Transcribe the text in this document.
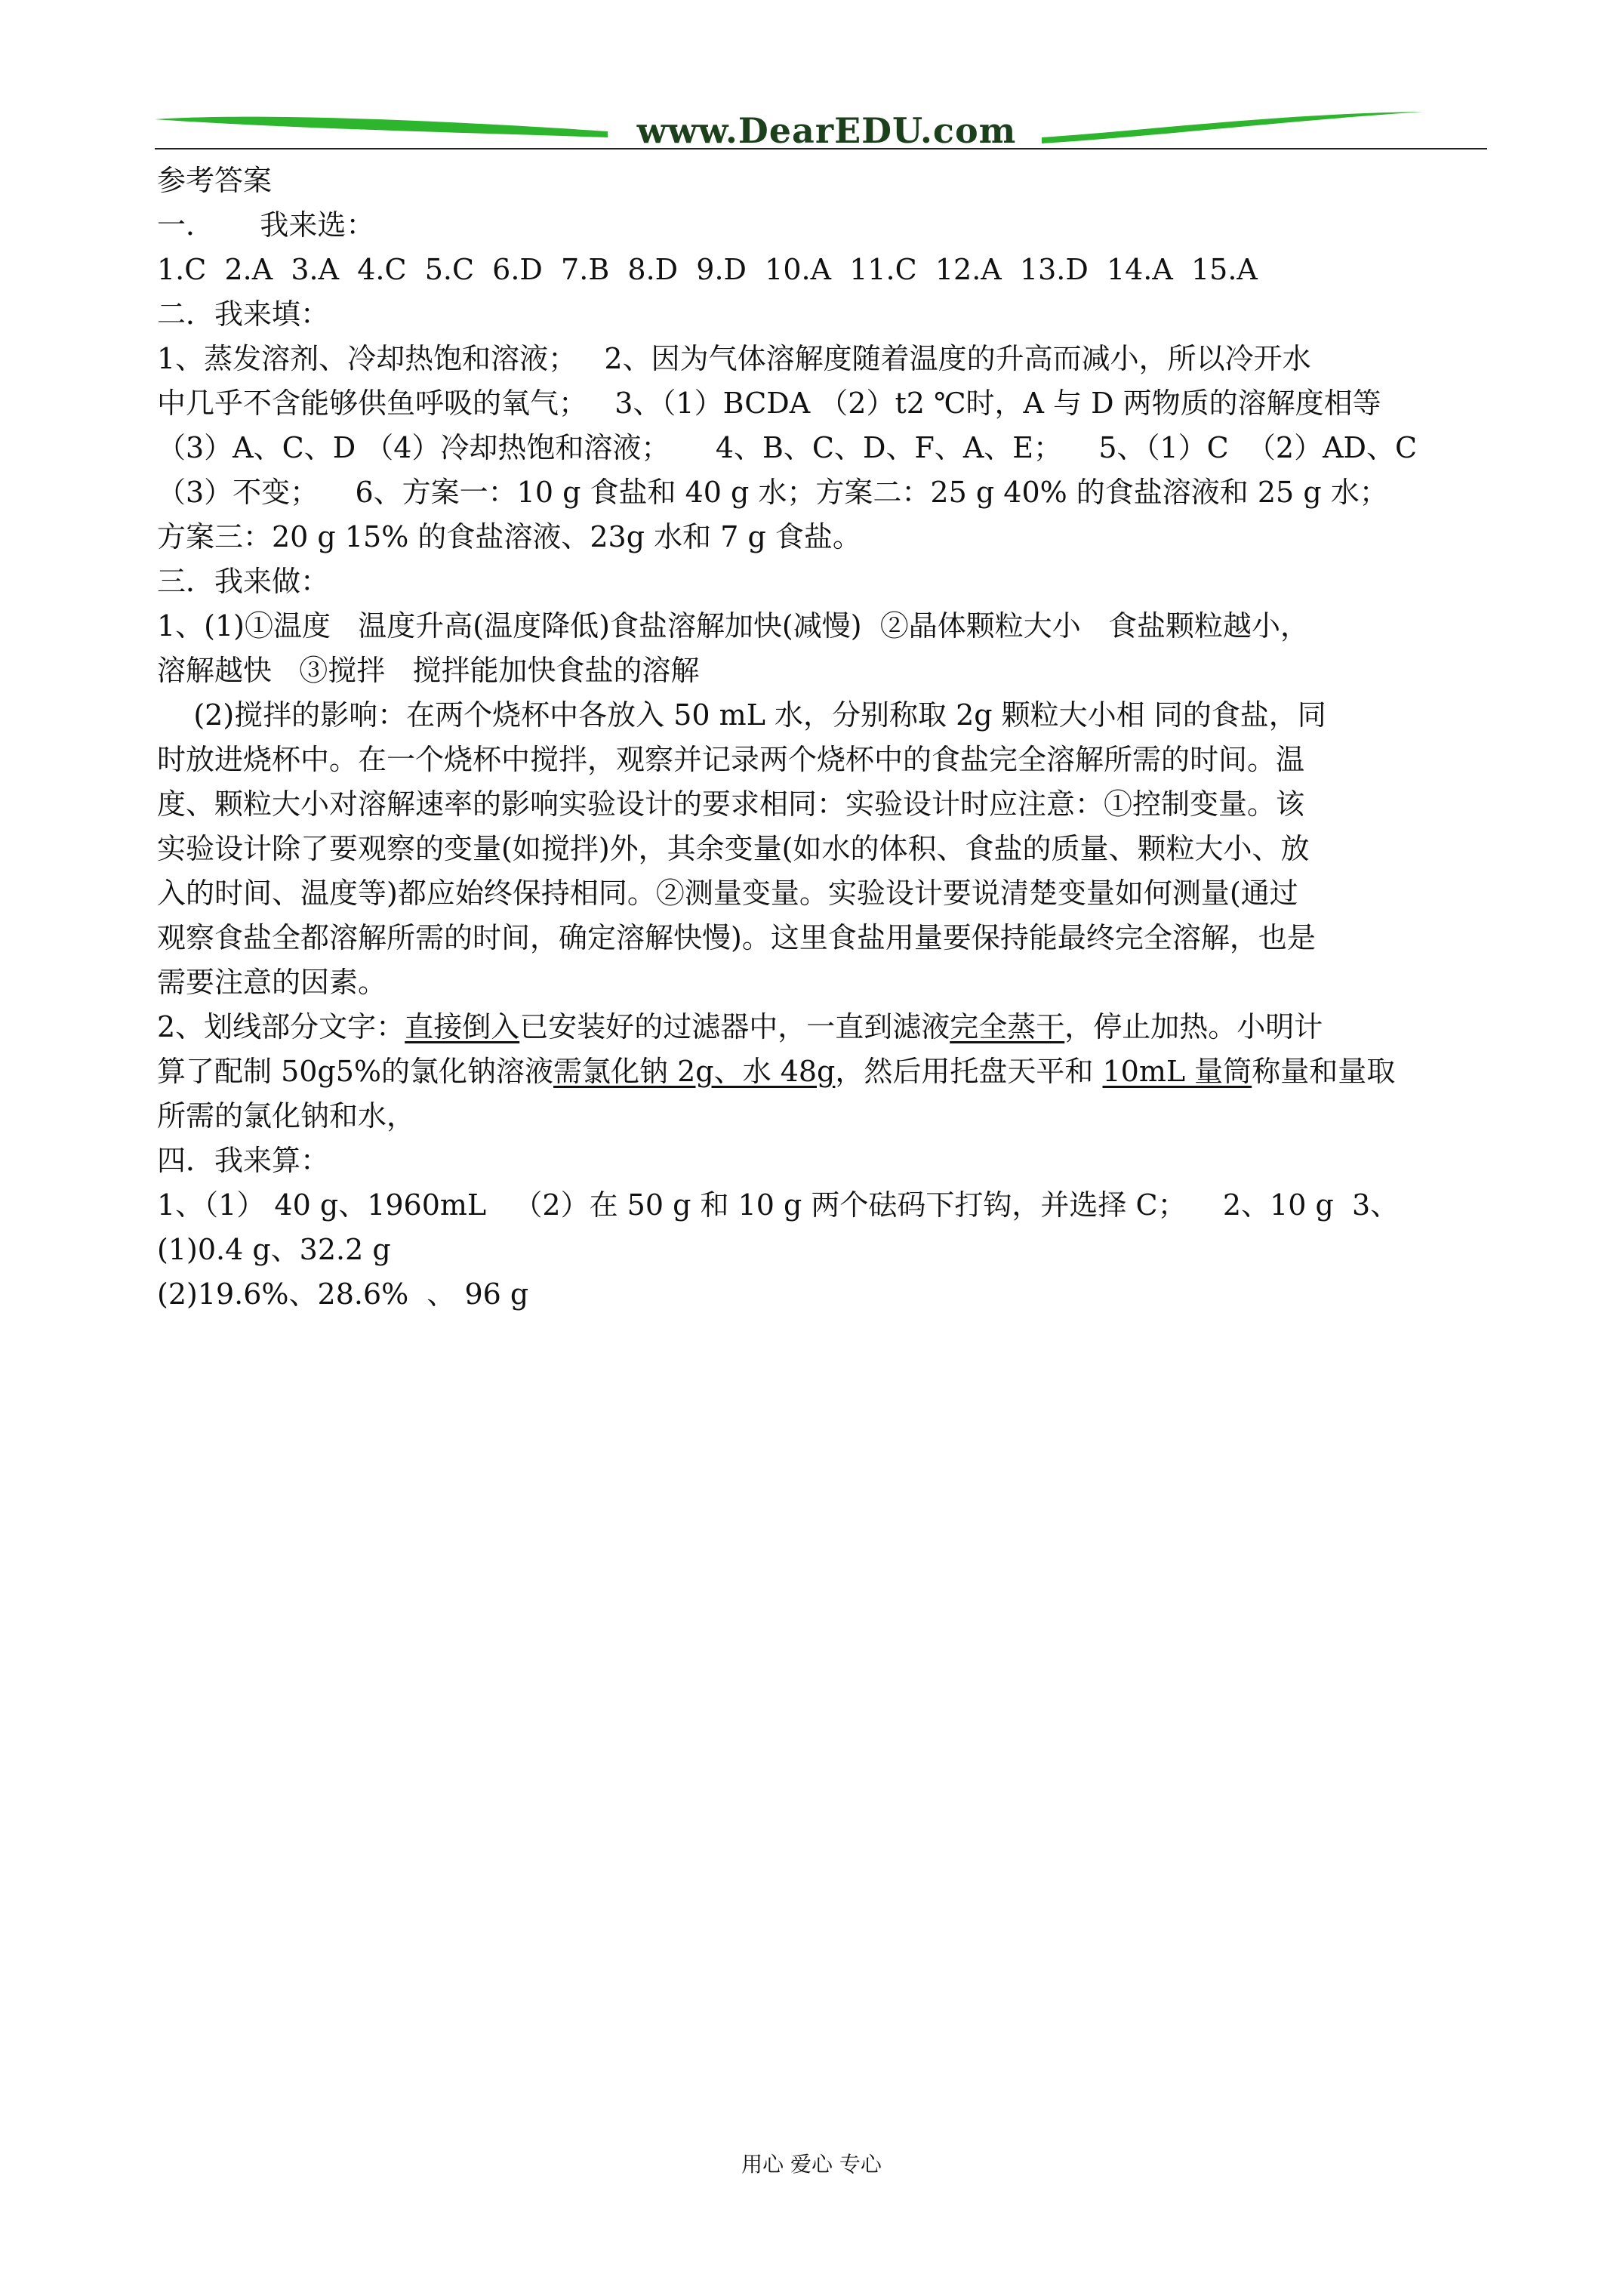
www.DearEDU.com
参考答案
一．     我来选：
1.C  2.A  3.A  4.C  5.C  6.D  7.B  8.D  9.D  10.A  11.C  12.A  13.D  14.A  15.A
二．我来填：
1、蒸发溶剂、冷却热饱和溶液；   2、因为气体溶解度随着温度的升高而减小，所以冷开水
中几乎不含能够供鱼呼吸的氧气；   3、（1）BCDA （2）t2 ℃时，A 与 D 两物质的溶解度相等
（3）A、C、D （4）冷却热饱和溶液；     4、B、C、D、F、A、E；    5、（1）C  （2）AD、C
（3）不变；    6、方案一：10 g 食盐和 40 g 水；方案二：25 g 40% 的食盐溶液和 25 g 水；
方案三：20 g 15% 的食盐溶液、23g 水和 7 g 食盐。
三．我来做：
1、(1)①温度   温度升高(温度降低)食盐溶解加快(减慢)  ②晶体颗粒大小   食盐颗粒越小，
溶解越快   ③搅拌   搅拌能加快食盐的溶解
(2)搅拌的影响：在两个烧杯中各放入 50 mL 水，分别称取 2g 颗粒大小相 同的食盐，同
时放进烧杯中。在一个烧杯中搅拌，观察并记录两个烧杯中的食盐完全溶解所需的时间。温
度、颗粒大小对溶解速率的影响实验设计的要求相同：实验设计时应注意：①控制变量。该
实验设计除了要观察的变量(如搅拌)外，其余变量(如水的体积、食盐的质量、颗粒大小、放
入的时间、温度等)都应始终保持相同。②测量变量。实验设计要说清楚变量如何测量(通过
观察食盐全都溶解所需的时间，确定溶解快慢)。这里食盐用量要保持能最终完全溶解，也是
需要注意的因素。
2、划线部分文字：直接倒入已安装好的过滤器中，一直到滤液完全蒸干，停止加热。小明计
算了配制 50g5%的氯化钠溶液需氯化钠 2g、水 48g，然后用托盘天平和 10mL 量筒称量和量取
所需的氯化钠和水，
四．我来算：
1、（1） 40 g、1960mL   （2）在 50 g 和 10 g 两个砝码下打钩，并选择 C；    2、10 g  3、
(1)0.4 g、32.2 g
(2)19.6%、28.6%  、 96 g
用心 爱心 专心
